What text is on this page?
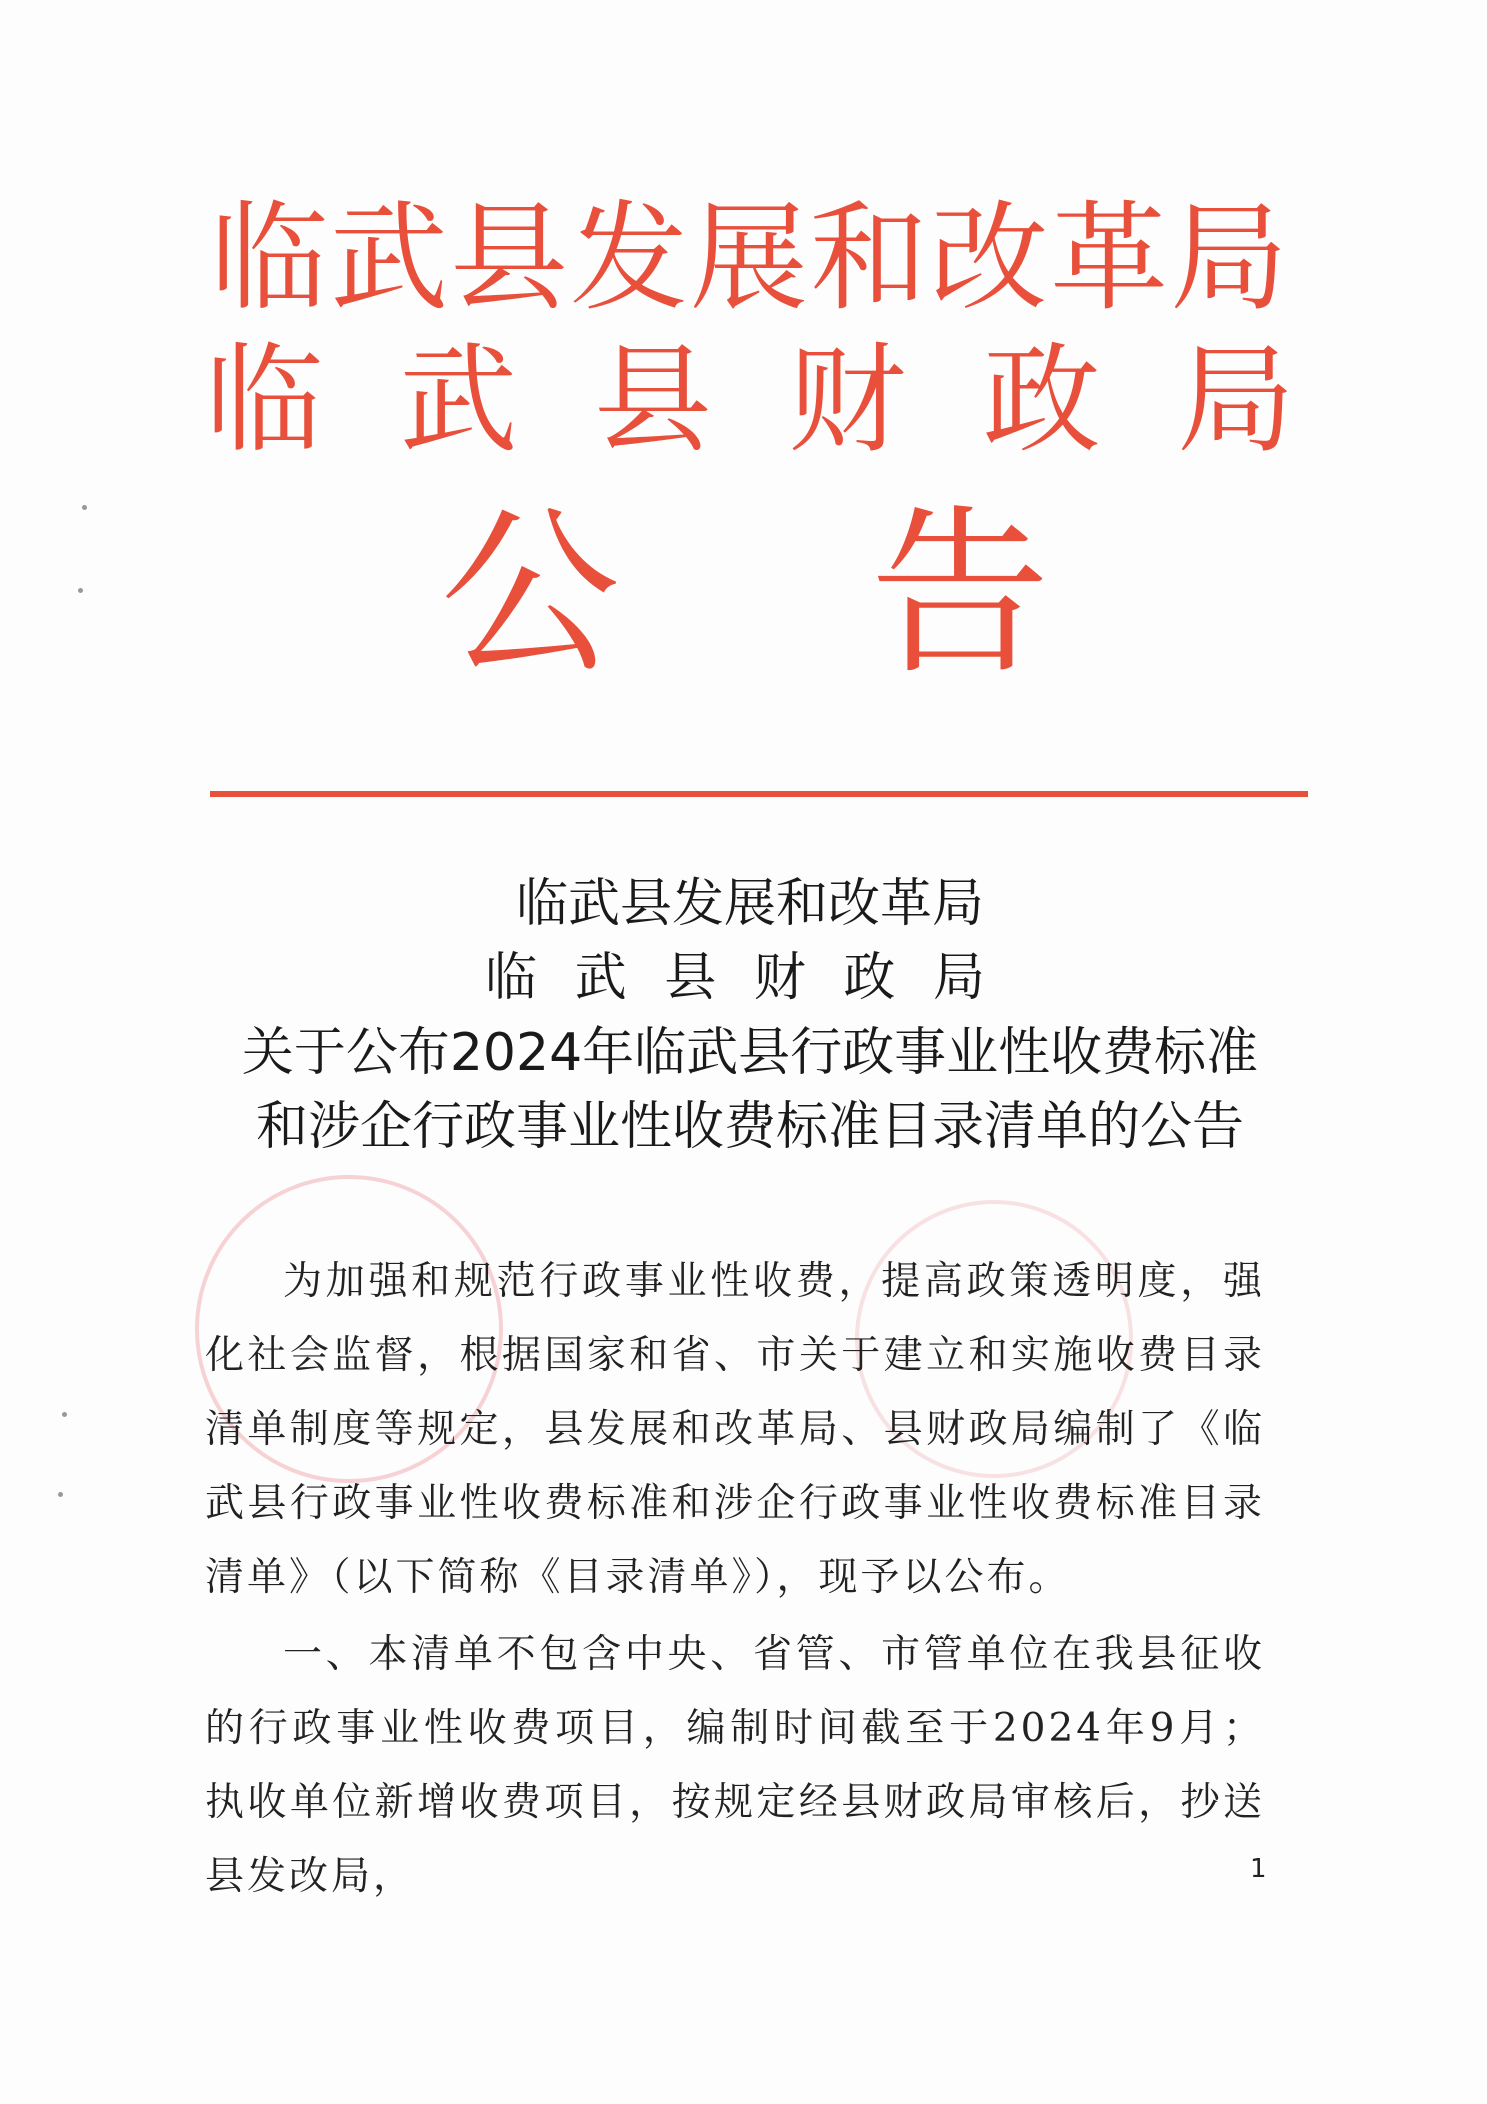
临武县发展和改革局
临 武 县 财 政 局
公 告
临武县发展和改革局
临 武 县 财 政 局
关于公布2024年临武县行政事业性收费标准
和涉企行政事业性收费标准目录清单的公告
为加强和规范行政事业性收费，提高政策透明度，强化社会监督，根据国家和省、市关于建立和实施收费目录清单制度等规定，县发展和改革局、县财政局编制了《临武县行政事业性收费标准和涉企行政事业性收费标准目录清单》（以下简称《目录清单》），现予以公布。
一、本清单不包含中央、省管、市管单位在我县征收的行政事业性收费项目，编制时间截至于2024年9月；执收单位新增收费项目，按规定经县财政局审核后，抄送县发改局，	1
